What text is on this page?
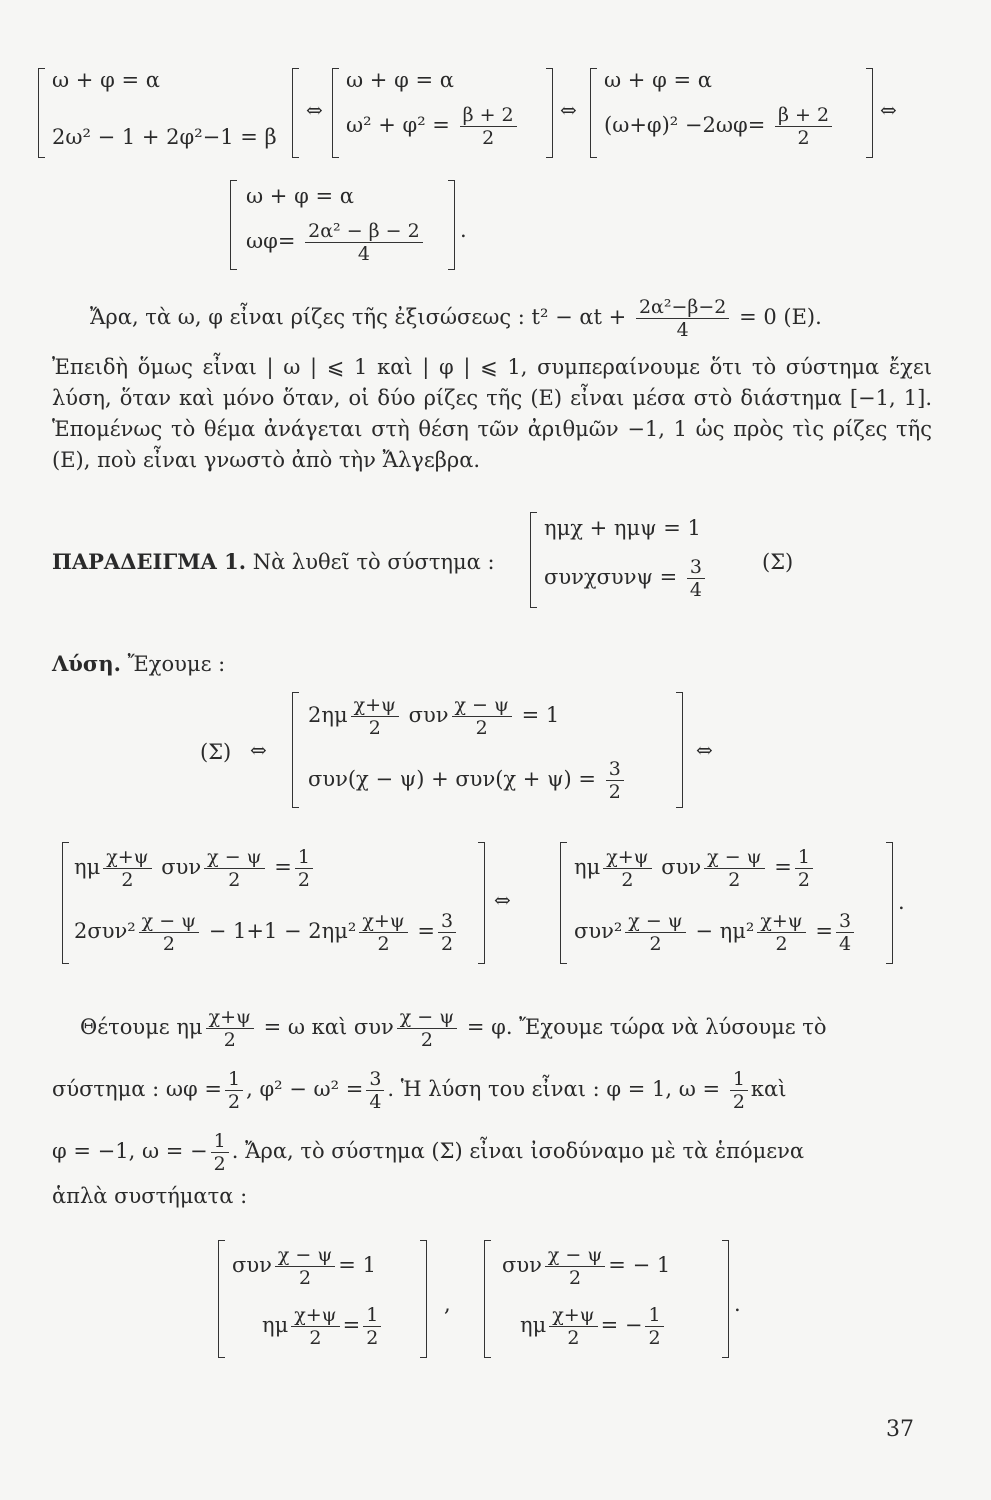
ω + φ = α
2ω² − 1 + 2φ²−1 = β
⇔
ω + φ = α
$\omega^2 + \varphi^2 = \frac{\beta + 2}{2}$ ⇔
ω + φ = α
$(\omega+\varphi)^2 -2\omega\varphi= \frac{\beta + 2}{2}$ ⇔
ω + φ = α
$\omega\varphi= \frac{\text{2α² − β − 2}}{4}$ .
Ἄρα, τὰ ω, φ εἶναι ρίζες τῆς ἐξισώσεως : $t^2 - \alpha t + \frac{\text{2α²−β−2}}{4} = 0$ (E).
Ἐπειδὴ ὅμως εἶναι | ω | ⩽ 1 καὶ | φ | ⩽ 1, συμπεραίνουμε ὅτι τὸ σύστημα ἔχει λύση, ὅταν καὶ μόνο ὅταν, οἱ δύο ρίζες τῆς (E) εἶναι μέσα στὸ διάστημα [−1, 1]. Ἑπομένως τὸ θέμα ἀνάγεται στὴ θέση τῶν ἀριθμῶν −1, 1 ὡς πρὸς τὶς ρίζες τῆς (E), ποὺ εἶναι γνωστὸ ἀπὸ τὴν Ἄλγεβρα.
ΠΑΡΑΔΕΙΓΜΑ 1. Νὰ λυθεῖ τὸ σύστημα :
ημχ + ημψ = 1
$\sigma\upsilon\nu\chi\sigma\upsilon\nu\psi = \frac{3}{4}$	(Σ)
Λύση. Ἔχουμε :
(Σ) ⇔
$2\eta\mu \frac{\chi+\psi}{2}$ συν $\frac{\chi - \psi}{2} = 1$
$\sigma\upsilon\nu(\chi - \psi) + \sigma\upsilon\nu(\chi + \psi) = \frac{3}{2}$
⇔
ημ $\frac{\chi+\psi}{2}$ συν $\frac{\chi - \psi}{2} = \frac{1}{2}$
$2\sigma\upsilon\nu^2 \frac{\chi - \psi}{2} - 1+1 - 2\eta\mu^2 \frac{\chi+\psi}{2} = \frac{3}{2}$
⇔
ημ $\frac{\chi+\psi}{2}$ συν $\frac{\chi - \psi}{2} = \frac{1}{2}$
$\sigma\upsilon\nu^2 \frac{\chi - \psi}{2} - \eta\mu^2 \frac{\chi+\psi}{2} = \frac{3}{4}$
.
Θέτουμε ημ $\frac{\chi+\psi}{2} = \omega$ καὶ συν $\frac{\chi - \psi}{2} = \varphi$. Ἔχουμε τώρα νὰ λύσουμε τὸ
σύστημα : $\omega\varphi = \frac{1}{2}$ , $\varphi^2 - \omega^2 = \frac{3}{4}$ . Ἡ λύση του εἶναι : φ = 1, $\omega = \frac{1}{2}$ καὶ
φ = −1, ω = − $\frac{1}{2}$ . Ἄρα, τὸ σύστημα (Σ) εἶναι ἰσοδύναμο μὲ τὰ ἑπόμενα
ἁπλὰ συστήματα :
συν $\frac{\chi - \psi}{2} = 1$
ημ $\frac{\chi+\psi}{2} = \frac{1}{2}$	,
συν $\frac{\chi - \psi}{2}$ = − 1
ημ $\frac{\chi+\psi}{2}$ = − $\frac{1}{2}$	.
37
